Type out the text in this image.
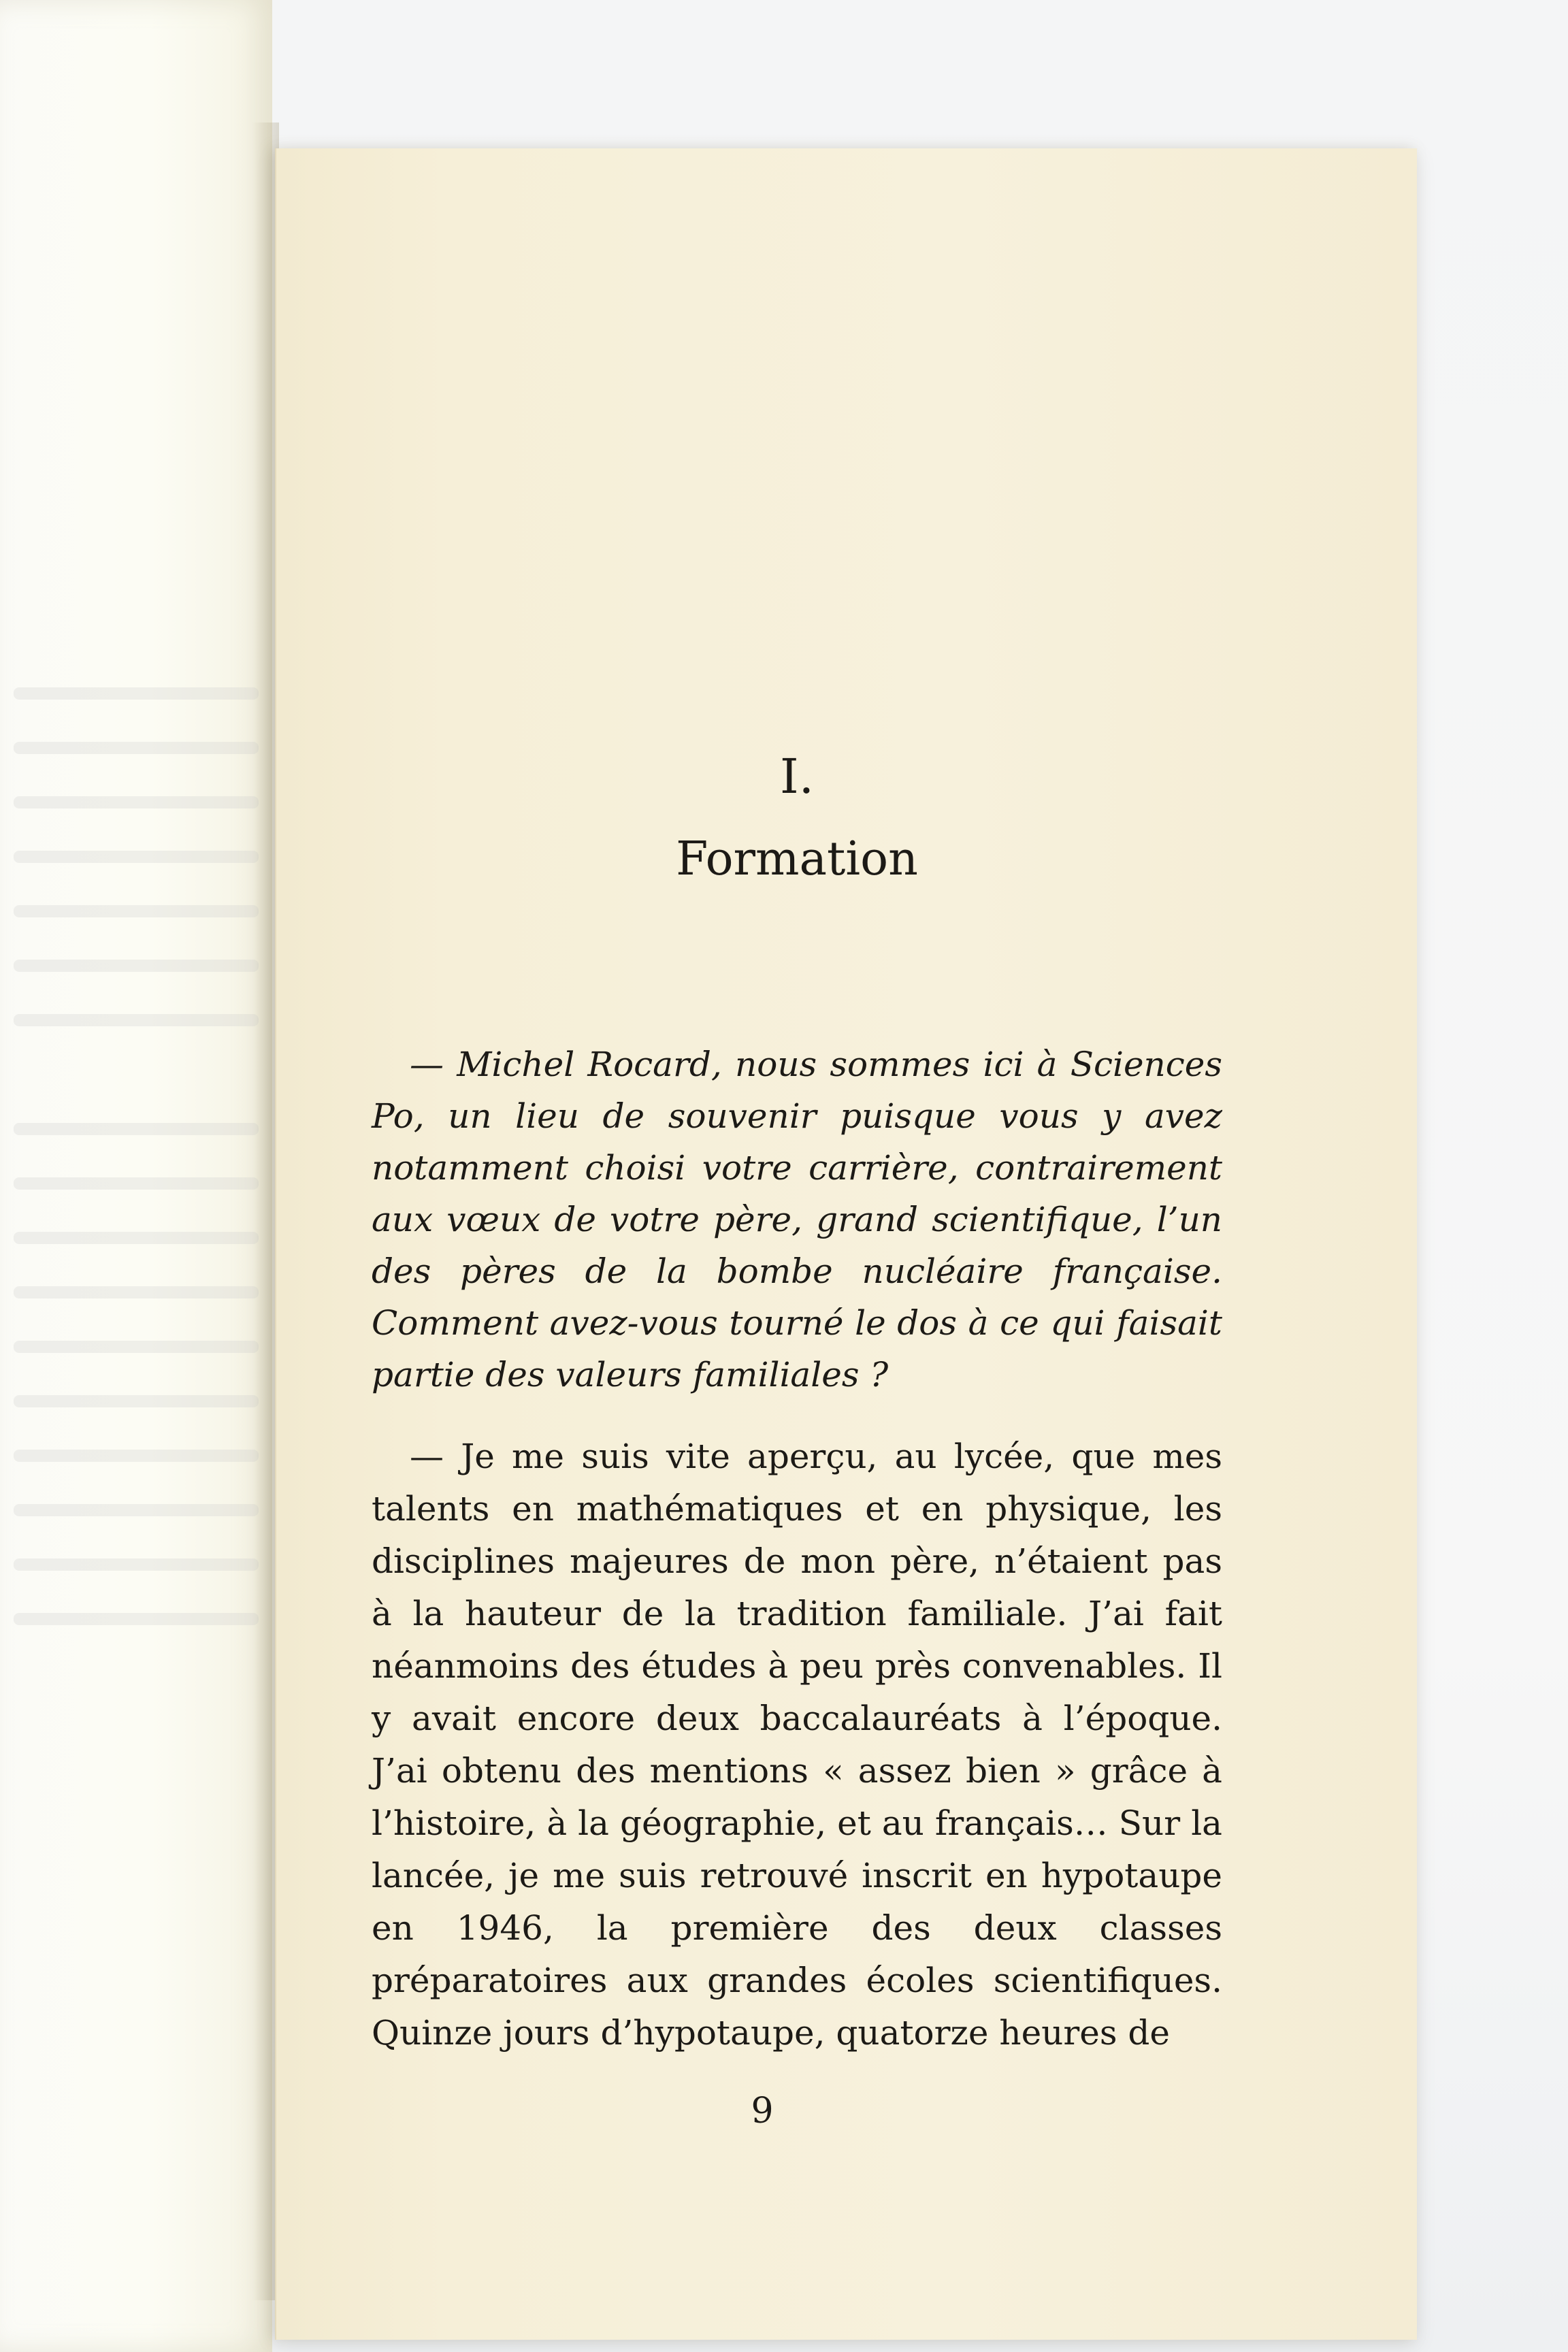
I.
Formation

— Michel Rocard, nous sommes ici à Sciences Po, un lieu de souvenir puisque vous y avez notamment choisi votre carrière, contrairement aux vœux de votre père, grand scientifique, l’un des pères de la bombe nucléaire française. Comment avez-vous tourné le dos à ce qui faisait partie des valeurs familiales ?

— Je me suis vite aperçu, au lycée, que mes talents en mathématiques et en physique, les disciplines majeures de mon père, n’étaient pas à la hauteur de la tradition familiale. J’ai fait néanmoins des études à peu près convenables. Il y avait encore deux baccalauréats à l’époque. J’ai obtenu des mentions « assez bien » grâce à l’histoire, à la géographie, et au français… Sur la lancée, je me suis retrouvé inscrit en hypotaupe en 1946, la première des deux classes préparatoires aux grandes écoles scientifiques. Quinze jours d’hypotaupe, quatorze heures de

9
